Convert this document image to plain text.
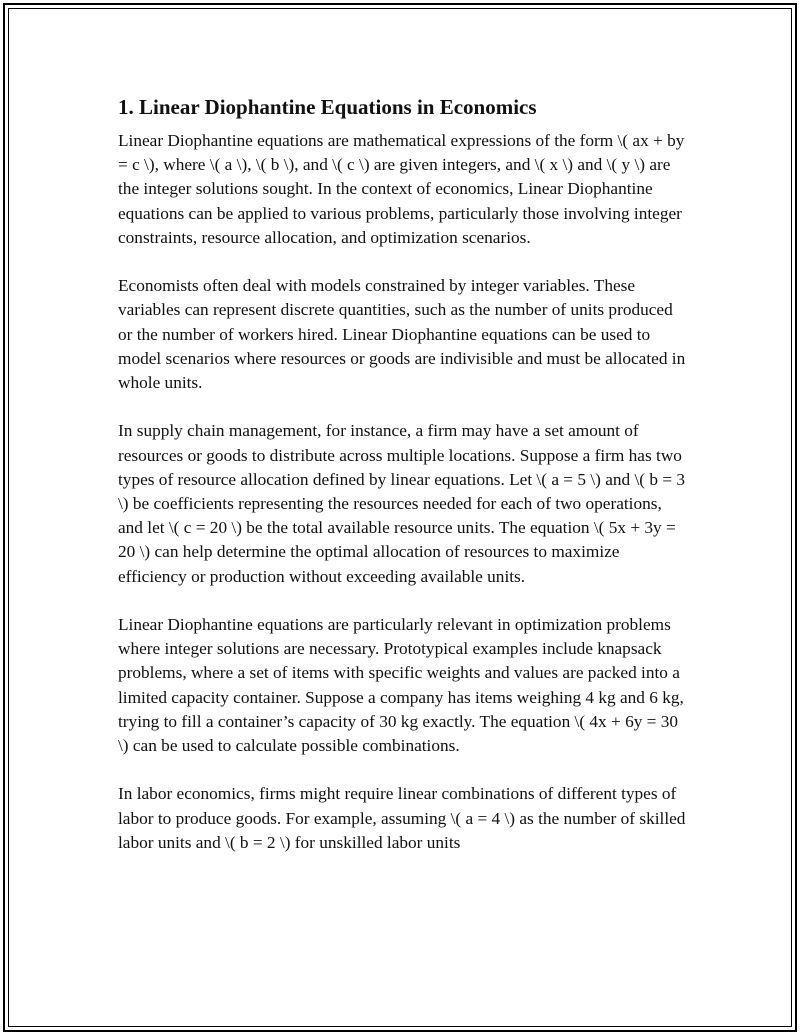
1. Linear Diophantine Equations in Economics

Linear Diophantine equations are mathematical expressions of the form \( ax + by = c \), where \( a \), \( b \), and \( c \) are given integers, and \( x \) and \( y \) are the integer solutions sought. In the context of economics, Linear Diophantine equations can be applied to various problems, particularly those involving integer constraints, resource allocation, and optimization scenarios.

Economists often deal with models constrained by integer variables. These variables can represent discrete quantities, such as the number of units produced or the number of workers hired. Linear Diophantine equations can be used to model scenarios where resources or goods are indivisible and must be allocated in whole units.

In supply chain management, for instance, a firm may have a set amount of resources or goods to distribute across multiple locations. Suppose a firm has two types of resource allocation defined by linear equations. Let \( a = 5 \) and \( b = 3 \) be coefficients representing the resources needed for each of two operations, and let \( c = 20 \) be the total available resource units. The equation \( 5x + 3y = 20 \) can help determine the optimal allocation of resources to maximize efficiency or production without exceeding available units.

Linear Diophantine equations are particularly relevant in optimization problems where integer solutions are necessary. Prototypical examples include knapsack problems, where a set of items with specific weights and values are packed into a limited capacity container. Suppose a company has items weighing 4 kg and 6 kg, trying to fill a container’s capacity of 30 kg exactly. The equation \( 4x + 6y = 30 \) can be used to calculate possible combinations.

In labor economics, firms might require linear combinations of different types of labor to produce goods. For example, assuming \( a = 4 \) as the number of skilled labor units and \( b = 2 \) for unskilled labor units
